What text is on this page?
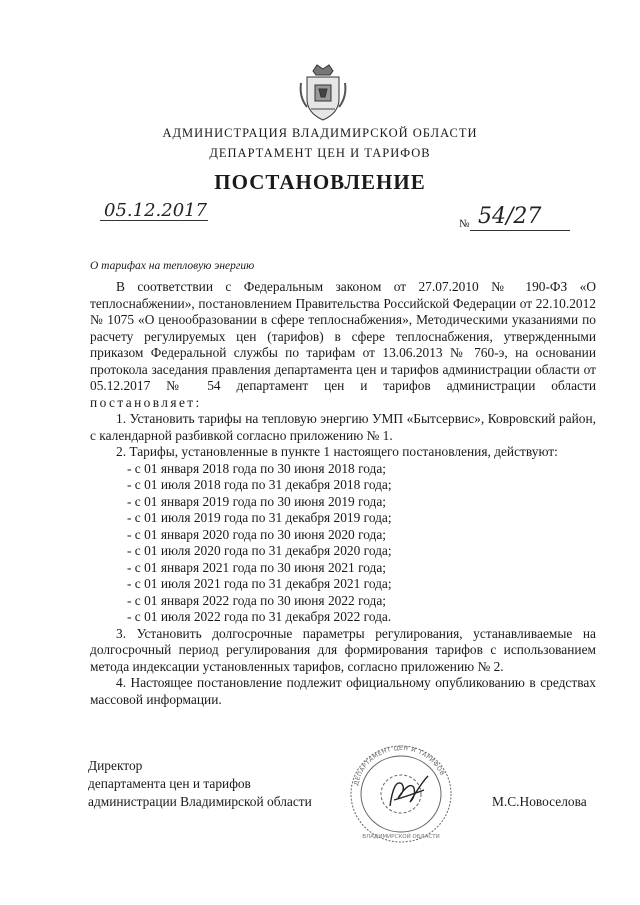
АДМИНИСТРАЦИЯ ВЛАДИМИРСКОЙ ОБЛАСТИ
ДЕПАРТАМЕНТ ЦЕН И ТАРИФОВ
ПОСТАНОВЛЕНИЕ
05.12.2017
№ 54/27
О тарифах на тепловую энергию

В соответствии с Федеральным законом от 27.07.2010 № 190-ФЗ «О теплоснабжении», постановлением Правительства Российской Федерации от 22.10.2012 № 1075 «О ценообразовании в сфере теплоснабжения», Методическими указаниями по расчету регулируемых цен (тарифов) в сфере теплоснабжения, утвержденными приказом Федеральной службы по тарифам от 13.06.2013 № 760-э, на основании протокола заседания правления департамента цен и тарифов администрации области от 05.12.2017 № 54 департамент цен и тарифов администрации области постановляет:

1. Установить тарифы на тепловую энергию УМП «Бытсервис», Ковровский район, с календарной разбивкой согласно приложению № 1.

2. Тарифы, установленные в пункте 1 настоящего постановления, действуют:

- с 01 января 2018 года по 30 июня 2018 года;

- с 01 июля 2018 года по 31 декабря 2018 года;

- с 01 января 2019 года по 30 июня 2019 года;

- с 01 июля 2019 года по 31 декабря 2019 года;

- с 01 января 2020 года по 30 июня 2020 года;

- с 01 июля 2020 года по 31 декабря 2020 года;

- с 01 января 2021 года по 30 июня 2021 года;

- с 01 июля 2021 года по 31 декабря 2021 года;

- с 01 января 2022 года по 30 июня 2022 года;

- с 01 июля 2022 года по 31 декабря 2022 года.

3. Установить долгосрочные параметры регулирования, устанавливаемые на долгосрочный период регулирования для формирования тарифов с использованием метода индексации установленных тарифов, согласно приложению № 2.

4. Настоящее постановление подлежит официальному опубликованию в средствах массовой информации.

Директор
департамента цен и тарифов
администрации Владимирской области	М.С.Новоселова
ДЕПАРТАМЕНТ ЦЕН И ТАРИФОВ
ВЛАДИМИРСКОЙ ОБЛАСТИ
